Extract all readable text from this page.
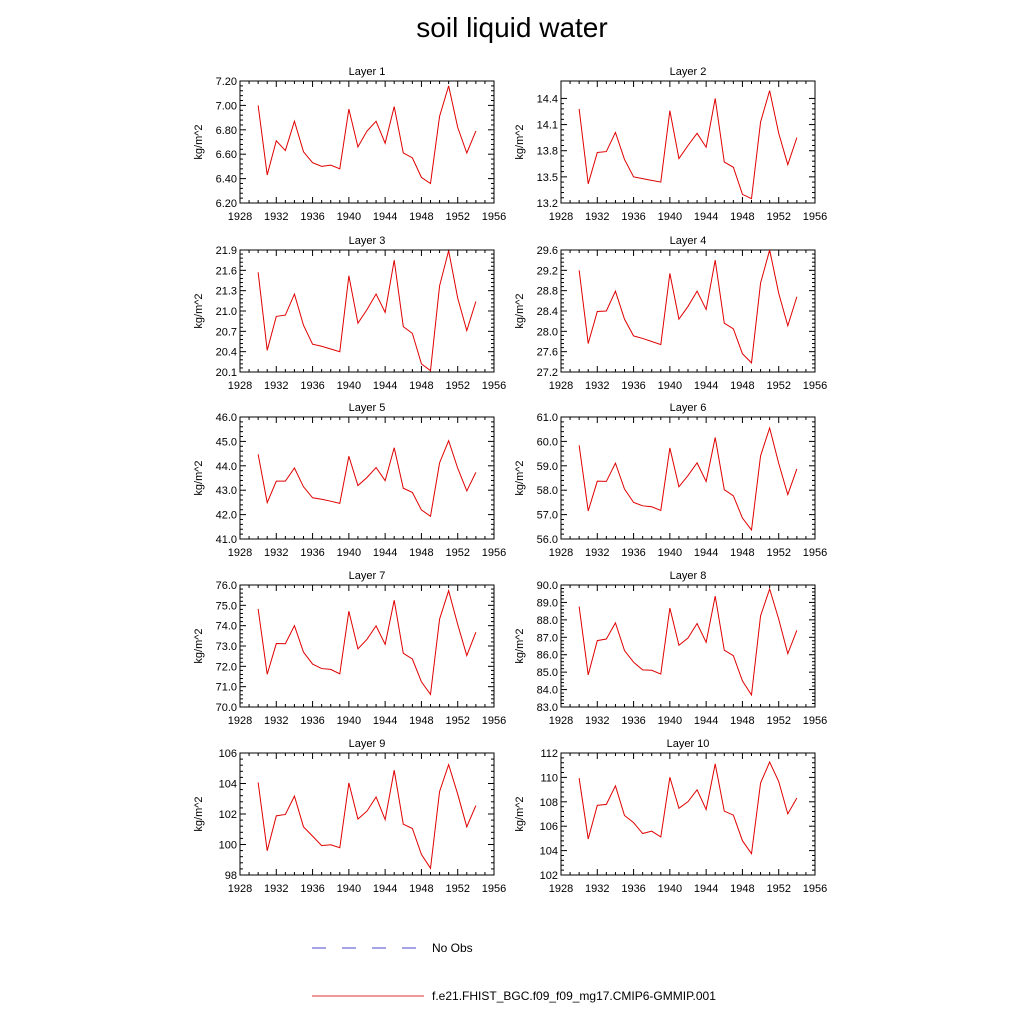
soil liquid water
Layer 1
kg/m^2
6.20
6.40
6.60
6.80
7.00
7.20
1928 1932 1936 1940 1944 1948 1952 1956
Layer 2
kg/m^2
13.2
13.5
13.8
14.1
14.4
1928 1932 1936 1940 1944 1948 1952 1956
Layer 3
kg/m^2
20.1
20.4
20.7
21.0
21.3
21.6
21.9
1928 1932 1936 1940 1944 1948 1952 1956
Layer 4
kg/m^2
27.2
27.6
28.0
28.4
28.8
29.2
29.6
1928 1932 1936 1940 1944 1948 1952 1956
Layer 5
kg/m^2
41.0
42.0
43.0
44.0
45.0
46.0
1928 1932 1936 1940 1944 1948 1952 1956
Layer 6
kg/m^2
56.0
57.0
58.0
59.0
60.0
61.0
1928 1932 1936 1940 1944 1948 1952 1956
Layer 7
kg/m^2
70.0
71.0
72.0
73.0
74.0
75.0
76.0
1928 1932 1936 1940 1944 1948 1952 1956
Layer 8
kg/m^2
83.0
84.0
85.0
86.0
87.0
88.0
89.0
90.0
1928 1932 1936 1940 1944 1948 1952 1956
Layer 9
kg/m^2
98
100
102
104
106
1928 1932 1936 1940 1944 1948 1952 1956
Layer 10
kg/m^2
102
104
106
108
110
112
1928 1932 1936 1940 1944 1948 1952 1956
No Obs
f.e21.FHIST_BGC.f09_f09_mg17.CMIP6-GMMIP.001
